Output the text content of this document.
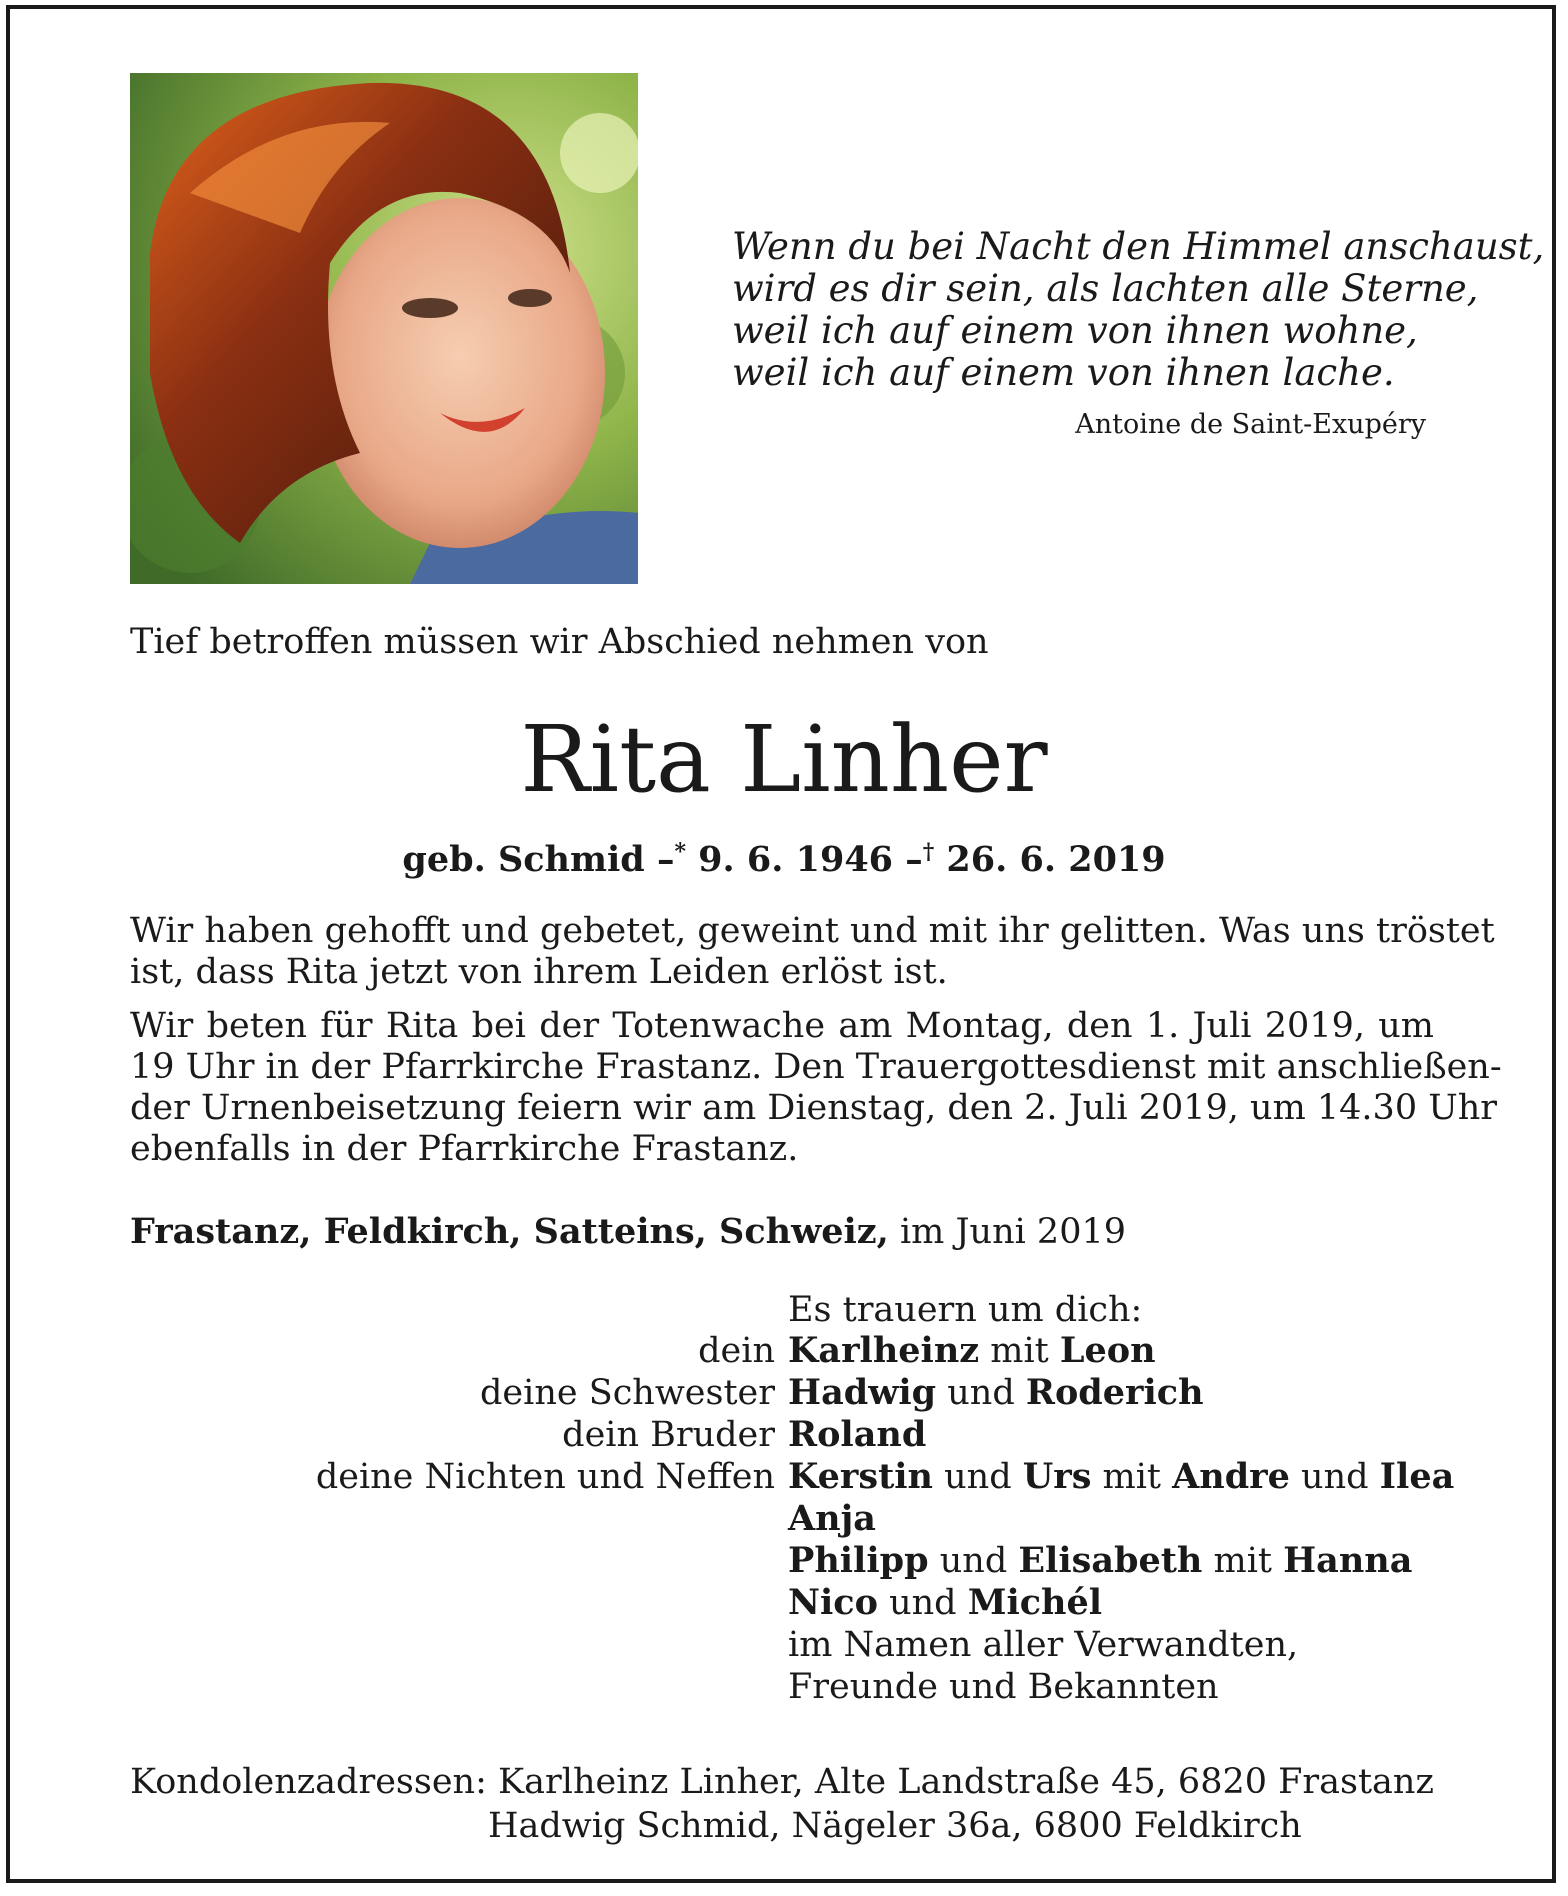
Wenn du bei Nacht den Himmel anschaust,
wird es dir sein, als lachten alle Sterne,
weil ich auf einem von ihnen wohne,
weil ich auf einem von ihnen lache.
Antoine de Saint-Exupéry
Tief betroffen müssen wir Abschied nehmen von
Rita Linher
geb. Schmid –* 9. 6. 1946 –† 26. 6. 2019
Wir haben gehofft und gebetet, geweint und mit ihr gelitten. Was uns tröstet
ist, dass Rita jetzt von ihrem Leiden erlöst ist.
Wir beten für Rita bei der Totenwache am Montag, den 1. Juli 2019, um
19 Uhr in der Pfarrkirche Frastanz. Den Trauergottesdienst mit anschließen-
der Urnenbeisetzung feiern wir am Dienstag, den 2. Juli 2019, um 14.30 Uhr
ebenfalls in der Pfarrkirche Frastanz.
Frastanz, Feldkirch, Satteins, Schweiz, im Juni 2019
Es trauern um dich:
dein Karlheinz mit Leon
deine Schwester Hadwig und Roderich
dein Bruder Roland
deine Nichten und Neffen Kerstin und Urs mit Andre und Ilea
Anja
Philipp und Elisabeth mit Hanna
Nico und Michél
im Namen aller Verwandten,
Freunde und Bekannten
Kondolenzadressen: Karlheinz Linher, Alte Landstraße 45, 6820 Frastanz
Hadwig Schmid, Nägeler 36a, 6800 Feldkirch
